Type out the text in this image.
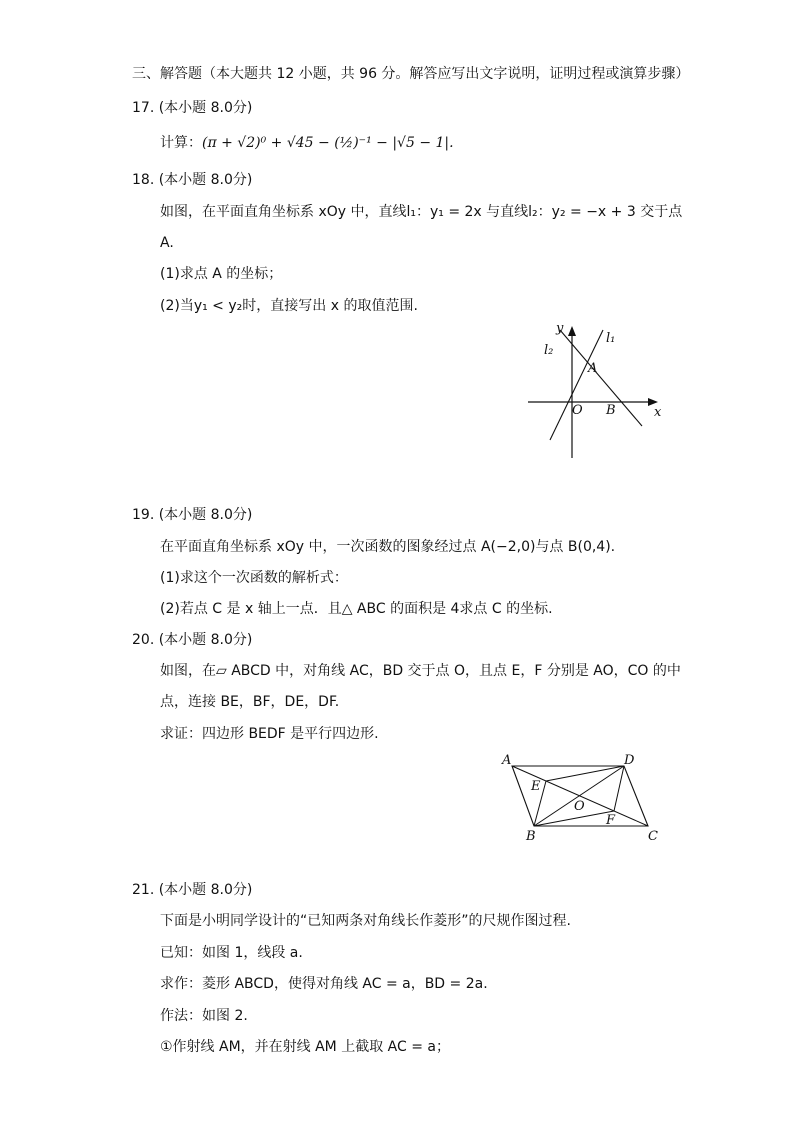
三、解答题（本大题共 12 小题，共 96 分。解答应写出文字说明，证明过程或演算步骤）
17. (本小题 8.0分)
计算：(π + √2)⁰ + √45 − (½)⁻¹ − |√5 − 1|.
18. (本小题 8.0分)
如图，在平面直角坐标系 xOy 中，直线l₁：y₁ = 2x 与直线l₂：y₂ = −x + 3 交于点
A.
(1)求点 A 的坐标；
(2)当y₁ < y₂时，直接写出 x 的取值范围.
y
x
O
A
B
l₁
l₂
19. (本小题 8.0分)
在平面直角坐标系 xOy 中，一次函数的图象经过点 A(−2,0)与点 B(0,4).
(1)求这个一次函数的解析式：
(2)若点 C 是 x 轴上一点．且△ ABC 的面积是 4求点 C 的坐标.
20. (本小题 8.0分)
如图，在▱ ABCD 中，对角线 AC，BD 交于点 O，且点 E，F 分别是 AO，CO 的中
点，连接 BE，BF，DE，DF.
求证：四边形 BEDF 是平行四边形.
A	D
C
B
E
F
O
21. (本小题 8.0分)
下面是小明同学设计的“已知两条对角线长作菱形”的尺规作图过程.
已知：如图 1，线段 a.
求作：菱形 ABCD，使得对角线 AC = a，BD = 2a.
作法：如图 2.
①作射线 AM，并在射线 AM 上截取 AC = a；
